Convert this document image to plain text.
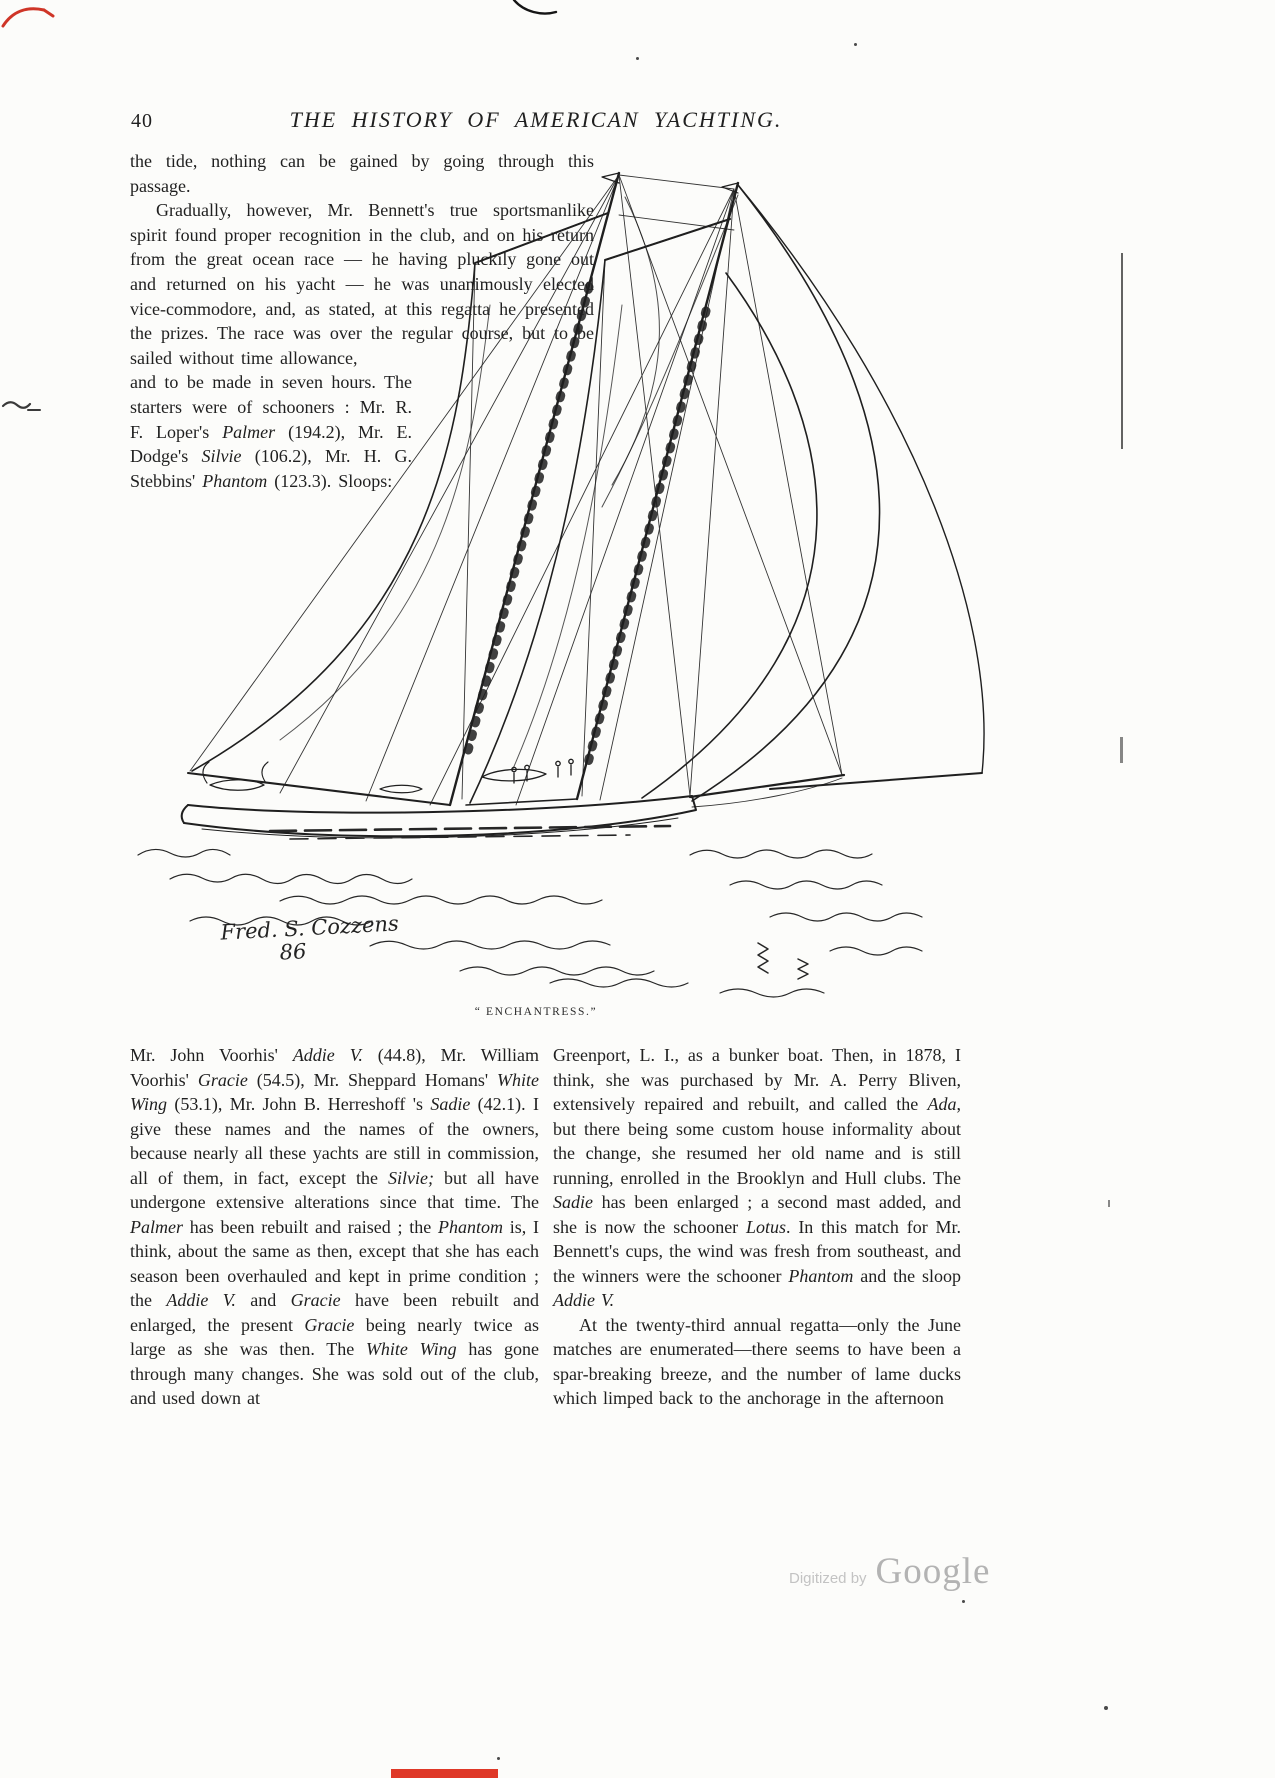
40	THE HISTORY OF AMERICAN YACHTING.

the tide, nothing can be gained by going through this passage.

Gradually, however, Mr. Bennett's true sportsmanlike spirit found proper recognition in the club, and on his return from the great ocean race — he having pluckily gone out and returned on his yacht — he was unanimously elected vice-commodore, and, as stated, at this regatta he presented the prizes. The race was over the regular course, but to be sailed without time allowance,

and to be made in seven hours. The starters were of schooners : Mr. R. F. Loper's Palmer (194.2), Mr. E. Dodge's Silvie (106.2), Mr. H. G. Stebbins' Phantom (123.3). Sloops:

Fred. S. Cozzens
86
“ ENCHANTRESS.”

Mr. John Voorhis' Addie V. (44.8), Mr. William Voorhis' Gracie (54.5), Mr. Sheppard Homans' White Wing (53.1), Mr. John B. Herreshoff 's Sadie (42.1). I give these names and the names of the owners, because nearly all these yachts are still in commission, all of them, in fact, except the Silvie; but all have undergone extensive alterations since that time. The Palmer has been rebuilt and raised ; the Phantom is, I think, about the same as then, except that she has each season been overhauled and kept in prime condition ; the Addie V. and Gracie have been rebuilt and enlarged, the present Gracie being nearly twice as large as she was then. The White Wing has gone through many changes. She was sold out of the club, and used down at

Greenport, L. I., as a bunker boat. Then, in 1878, I think, she was purchased by Mr. A. Perry Bliven, extensively repaired and rebuilt, and called the Ada, but there being some custom house informality about the change, she resumed her old name and is still running, enrolled in the Brooklyn and Hull clubs. The Sadie has been enlarged ; a second mast added, and she is now the schooner Lotus. In this match for Mr. Bennett's cups, the wind was fresh from southeast, and the winners were the schooner Phantom and the sloop Addie V.

At the twenty-third annual regatta—only the June matches are enumerated—there seems to have been a spar-breaking breeze, and the number of lame ducks which limped back to the anchorage in the afternoon

Digitized by Google
